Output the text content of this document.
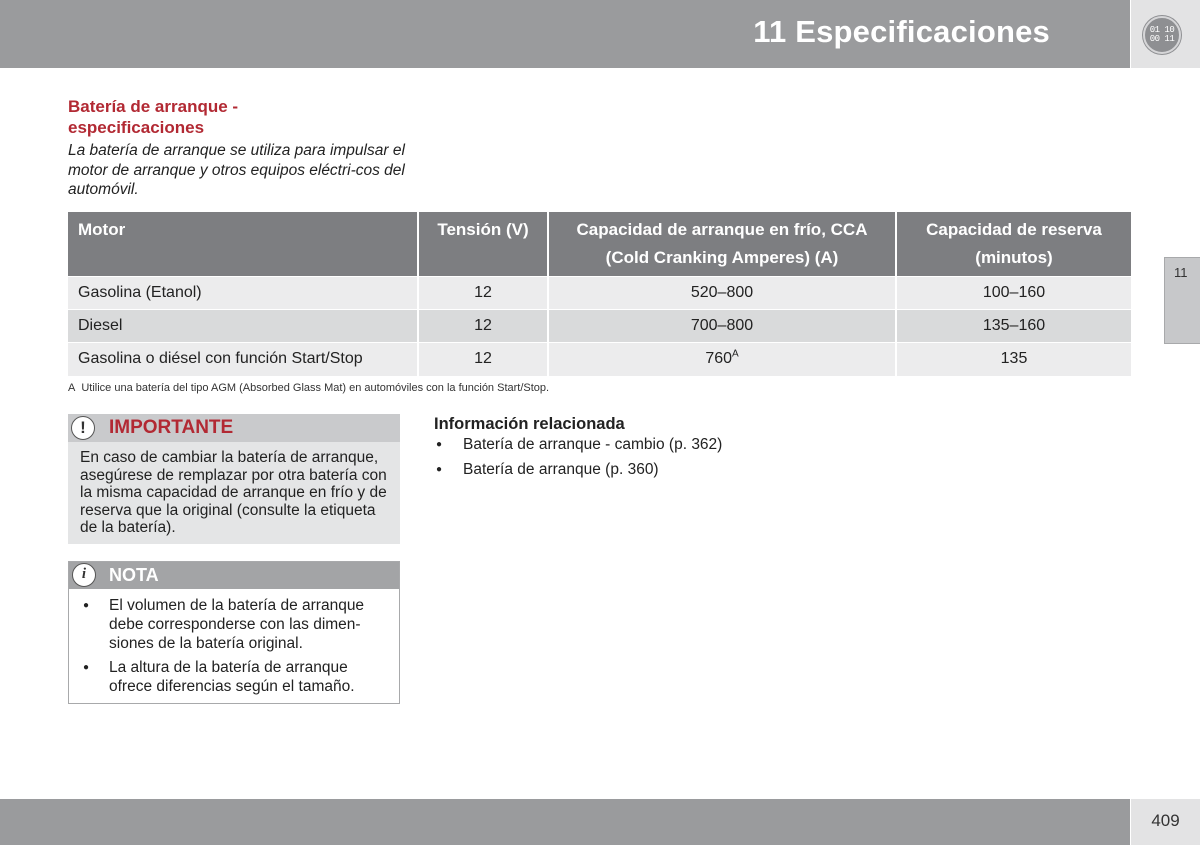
11 Especificaciones	01 10
00 11
11
Batería de arranque - especificaciones
La batería de arranque se utiliza para impulsar el motor de arranque y otros equipos eléctri-cos del automóvil.
Motor	Tensión (V)	Capacidad de arranque en frío, CCA (Cold Cranking Amperes) (A)	Capacidad de reserva (minutos)
Gasolina (Etanol)	12	520–800	100–160
Diesel	12	700–800	135–160
Gasolina o diésel con función Start/Stop	12	$760^A$	135
A Utilice una batería del tipo AGM (Absorbed Glass Mat) en automóviles con la función Start/Stop.
!	IMPORTANTE
En caso de cambiar la batería de arranque, asegúrese de remplazar por otra batería con la misma capacidad de arranque en frío y de reserva que la original (consulte la etiqueta de la batería).
i	NOTA
● El volumen de la batería de arranque debe corresponderse con las dimen-siones de la batería original.
● La altura de la batería de arranque ofrece diferencias según el tamaño.
Información relacionada
● Batería de arranque - cambio (p. 362)
● Batería de arranque (p. 360)
409
